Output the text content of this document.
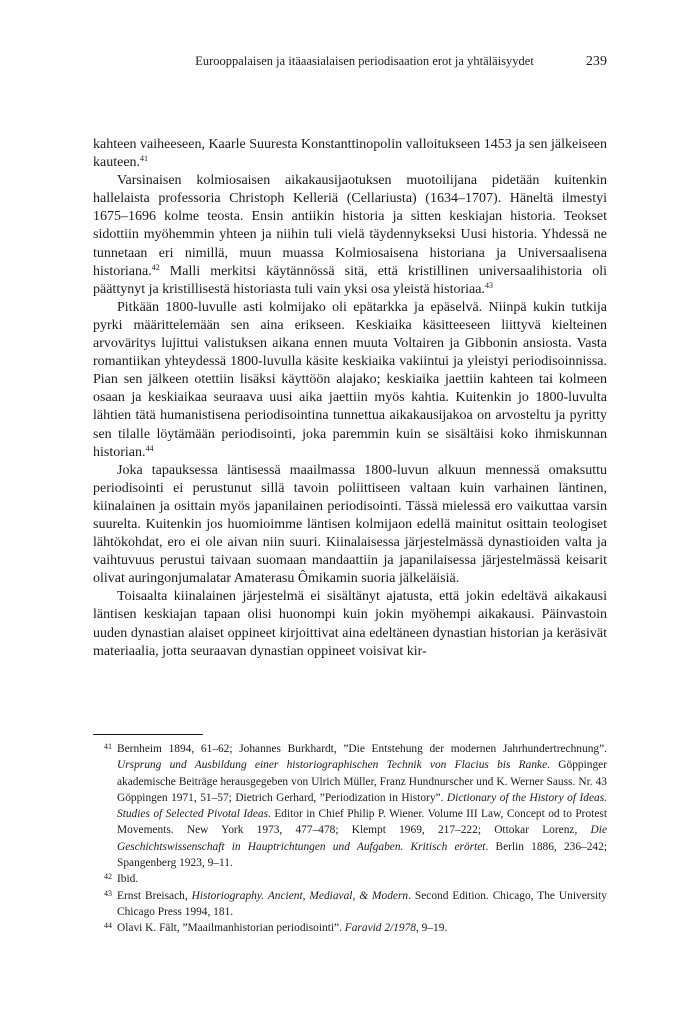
Eurooppalaisen ja itäaasialaisen periodisaation erot ja yhtäläisyydet	239

kahteen vaiheeseen, Kaarle Suuresta Konstanttinopolin valloitukseen 1453 ja sen jälkeiseen kauteen.$^{41}$

Varsinaisen kolmiosaisen aikakausijaotuksen muotoilijana pidetään kuitenkin hallelaista professoria Christoph Kelleriä (Cellariusta) (1634–1707). Häneltä ilmestyi 1675–1696 kolme teosta. Ensin antiikin historia ja sitten keskiajan historia. Teokset sidottiin myöhemmin yhteen ja niihin tuli vielä täydennykseksi Uusi historia. Yhdessä ne tunnetaan eri nimillä, muun muassa Kolmiosaisena historiana ja Universaalisena historiana.$^{42}$ Malli merkitsi käytännössä sitä, että kristillinen universaalihistoria oli päättynyt ja kristillisestä historiasta tuli vain yksi osa yleistä historiaa.$^{43}$

Pitkään 1800-luvulle asti kolmijako oli epätarkka ja epäselvä. Niinpä kukin tutkija pyrki määrittelemään sen aina erikseen. Keskiaika käsitteeseen liittyvä kielteinen arvoväritys lujittui valistuksen aikana ennen muuta Voltairen ja Gibbonin ansiosta. Vasta romantiikan yhteydessä 1800-luvulla käsite keskiaika vakiintui ja yleistyi periodisoinnissa. Pian sen jälkeen otettiin lisäksi käyttöön alajako; keskiaika jaettiin kahteen tai kolmeen osaan ja keskiaikaa seuraava uusi aika jaettiin myös kahtia. Kuitenkin jo 1800-luvulta lähtien tätä humanistisena periodisointina tunnettua aikakausijakoa on arvosteltu ja pyritty sen tilalle löytämään periodisointi, joka paremmin kuin se sisältäisi koko ihmiskunnan historian.$^{44}$

Joka tapauksessa läntisessä maailmassa 1800-luvun alkuun mennessä omaksuttu periodisointi ei perustunut sillä tavoin poliittiseen valtaan kuin varhainen läntinen, kiinalainen ja osittain myös japanilainen periodisointi. Tässä mielessä ero vaikuttaa varsin suurelta. Kuitenkin jos huomioimme läntisen kolmijaon edellä mainitut osittain teologiset lähtökohdat, ero ei ole aivan niin suuri. Kiinalaisessa järjestelmässä dynastioiden valta ja vaihtuvuus perustui taivaan suomaan mandaattiin ja japanilaisessa järjestelmässä keisarit olivat auringonjumalatar Amaterasu Ômikamin suoria jälkeläisiä.

Toisaalta kiinalainen järjestelmä ei sisältänyt ajatusta, että jokin edeltävä aikakausi läntisen keskiajan tapaan olisi huonompi kuin jokin myöhempi aikakausi. Päinvastoin uuden dynastian alaiset oppineet kirjoittivat aina edeltäneen dynastian historian ja keräsivät materiaalia, jotta seuraavan dynastian oppineet voisivat kir-

41 Bernheim 1894, 61–62; Johannes Burkhardt, ”Die Entstehung der modernen Jahrhundertrechnung”. Ursprung und Ausbildung einer historiographischen Technik von Flacius bis Ranke. Göppinger akademische Beiträge herausgegeben von Ulrich Müller, Franz Hundnurscher und K. Werner Sauss. Nr. 43 Göppingen 1971, 51–57; Dietrich Gerhard, ”Periodization in History”. Dictionary of the History of Ideas. Studies of Selected Pivotal Ideas. Editor in Chief Philip P. Wiener. Volume III Law, Concept od to Protest Movements. New York 1973, 477–478; Klempt 1969, 217–222; Ottokar Lorenz, Die Geschichtswissenschaft in Hauptrichtungen und Aufgaben. Kritisch erörtet. Berlin 1886, 236–242; Spangenberg 1923, 9–11.
42 Ibid.
43 Ernst Breisach, Historiography. Ancient, Mediaval, & Modern. Second Edition. Chicago, The University Chicago Press 1994, 181.
44 Olavi K. Fält, ”Maailmanhistorian periodisointi”. Faravid 2/1978, 9–19.
